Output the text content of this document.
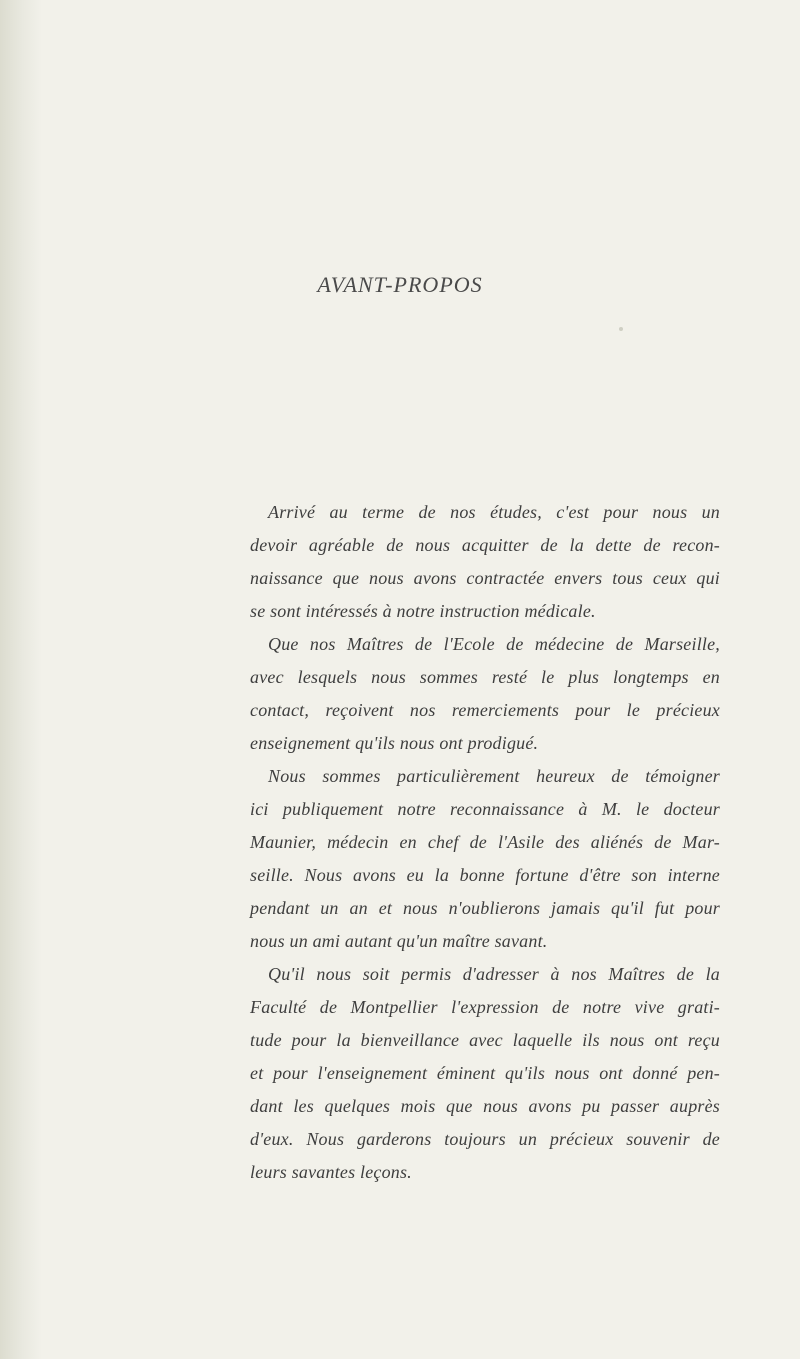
AVANT-PROPOS
Arrivé au terme de nos études, c'est pour nous un
devoir agréable de nous acquitter de la dette de recon-
naissance que nous avons contractée envers tous ceux qui
se sont intéressés à notre instruction médicale.
Que nos Maîtres de l'Ecole de médecine de Marseille,
avec lesquels nous sommes resté le plus longtemps en
contact, reçoivent nos remerciements pour le précieux
enseignement qu'ils nous ont prodigué.
Nous sommes particulièrement heureux de témoigner
ici publiquement notre reconnaissance à M. le docteur
Maunier, médecin en chef de l'Asile des aliénés de Mar-
seille. Nous avons eu la bonne fortune d'être son interne
pendant un an et nous n'oublierons jamais qu'il fut pour
nous un ami autant qu'un maître savant.
Qu'il nous soit permis d'adresser à nos Maîtres de la
Faculté de Montpellier l'expression de notre vive grati-
tude pour la bienveillance avec laquelle ils nous ont reçu
et pour l'enseignement éminent qu'ils nous ont donné pen-
dant les quelques mois que nous avons pu passer auprès
d'eux. Nous garderons toujours un précieux souvenir de
leurs savantes leçons.
